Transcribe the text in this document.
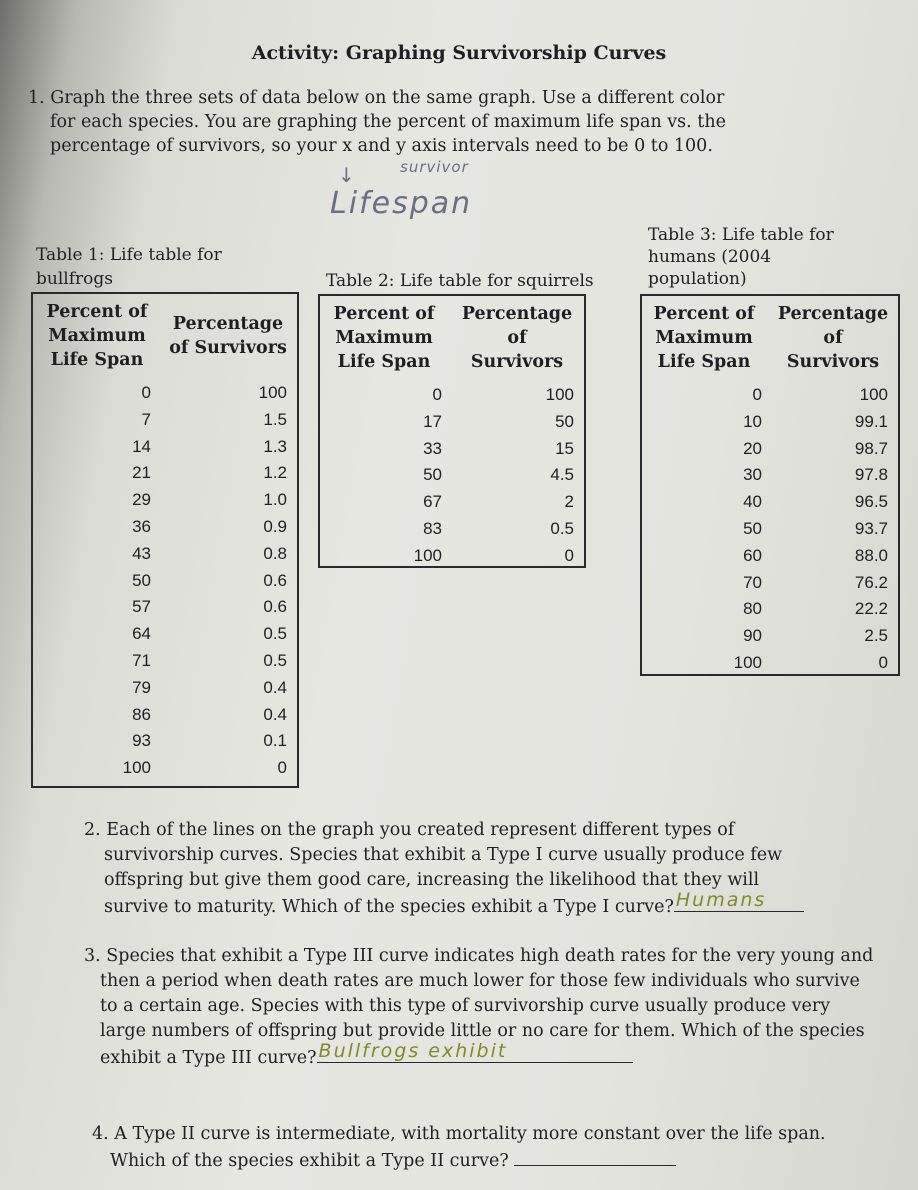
Activity: Graphing Survivorship Curves
1. Graph the three sets of data below on the same graph. Use a different color
for each species. You are graphing the percent of maximum life span vs. the
percentage of survivors, so your x and y axis intervals need to be 0 to 100.
↓	survivor
Lifespan
Table 1: Life table for
bullfrogs
Percent of
Maximum
Life Span
Percentage
of Survivors
0
7
14
21
29
36
43
50
57
64
71
79
86
93
100
100
1.5
1.3
1.2
1.0
0.9
0.8
0.6
0.6
0.5
0.5
0.4
0.4
0.1
0
Table 2: Life table for squirrels
Percent of
Maximum
Life Span
Percentage
of
Survivors
0
17
33
50
67
83
100
100
50
15
4.5
2
0.5
0
Table 3: Life table for
humans (2004
population)
Percent of
Maximum
Life Span
Percentage
of
Survivors
0
10
20
30
40
50
60
70
80
90
100
100
99.1
98.7
97.8
96.5
93.7
88.0
76.2
22.2
2.5
0
2. Each of the lines on the graph you created represent different types of
survivorship curves. Species that exhibit a Type I curve usually produce few
offspring but give them good care, increasing the likelihood that they will
survive to maturity. Which of the species exhibit a Type I curve? Humans
3. Species that exhibit a Type III curve indicates high death rates for the very young and
then a period when death rates are much lower for those few individuals who survive
to a certain age. Species with this type of survivorship curve usually produce very
large numbers of offspring but provide little or no care for them. Which of the species
exhibit a Type III curve? Bullfrogs exhibit
4. A Type II curve is intermediate, with mortality more constant over the life span.
Which of the species exhibit a Type II curve?
